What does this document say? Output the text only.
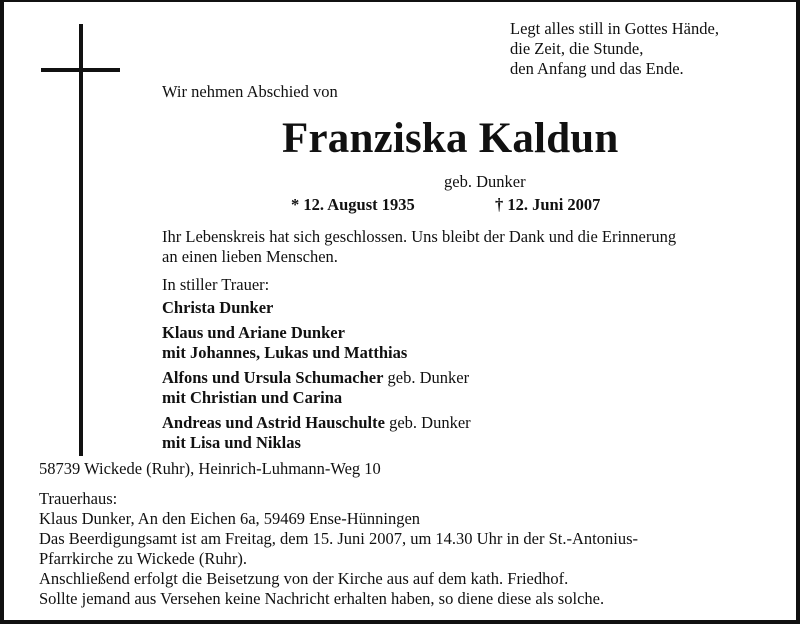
Legt alles still in Gottes Hände,
die Zeit, die Stunde,
den Anfang und das Ende.
Wir nehmen Abschied von
Franziska Kaldun
geb. Dunker
* 12. August 1935	† 12. Juni 2007
Ihr Lebenskreis hat sich geschlossen. Uns bleibt der Dank und die Erinnerung
an einen lieben Menschen.
In stiller Trauer:
Christa Dunker
Klaus und Ariane Dunker
mit Johannes, Lukas und Matthias
Alfons und Ursula Schumacher geb. Dunker
mit Christian und Carina
Andreas und Astrid Hauschulte geb. Dunker
mit Lisa und Niklas
58739 Wickede (Ruhr), Heinrich-Luhmann-Weg 10
Trauerhaus:
Klaus Dunker, An den Eichen 6a, 59469 Ense-Hünningen
Das Beerdigungsamt ist am Freitag, dem 15. Juni 2007, um 14.30 Uhr in der St.-Antonius-
Pfarrkirche zu Wickede (Ruhr).
Anschließend erfolgt die Beisetzung von der Kirche aus auf dem kath. Friedhof.
Sollte jemand aus Versehen keine Nachricht erhalten haben, so diene diese als solche.
